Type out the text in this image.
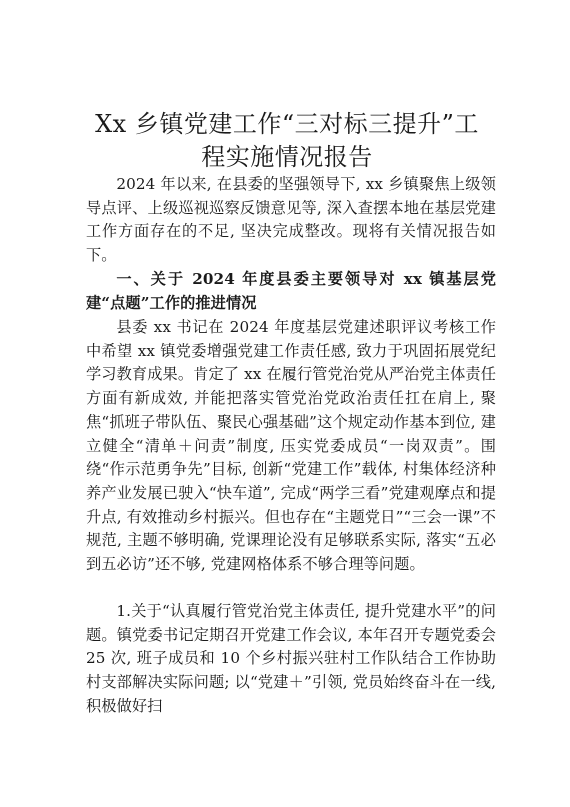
Xx 乡镇党建工作“三对标三提升”工程实施情况报告

2024 年以来, 在县委的坚强领导下, xx 乡镇聚焦上级领导点评、上级巡视巡察反馈意见等, 深入查摆本地在基层党建工作方面存在的不足, 坚决完成整改。现将有关情况报告如下。

一、关于 2024 年度县委主要领导对 xx 镇基层党建“点题”工作的推进情况

县委 xx 书记在 2024 年度基层党建述职评议考核工作中希望 xx 镇党委增强党建工作责任感, 致力于巩固拓展党纪学习教育成果。肯定了 xx 在履行管党治党从严治党主体责任方面有新成效, 并能把落实管党治党政治责任扛在肩上, 聚焦“抓班子带队伍、聚民心强基础”这个规定动作基本到位, 建立健全“清单＋问责”制度, 压实党委成员“一岗双责”。围绕“作示范勇争先”目标, 创新“党建工作”载体, 村集体经济种养产业发展已驶入“快车道”, 完成“两学三看”党建观摩点和提升点, 有效推动乡村振兴。但也存在“主题党日”“三会一课”不规范, 主题不够明确, 党课理论没有足够联系实际, 落实“五必到五必访”还不够, 党建网格体系不够合理等问题。

1.关于“认真履行管党治党主体责任, 提升党建水平”的问题。镇党委书记定期召开党建工作会议, 本年召开专题党委会 25 次, 班子成员和 10 个乡村振兴驻村工作队结合工作协助村支部解决实际问题; 以“党建＋”引领, 党员始终奋斗在一线, 积极做好扫
